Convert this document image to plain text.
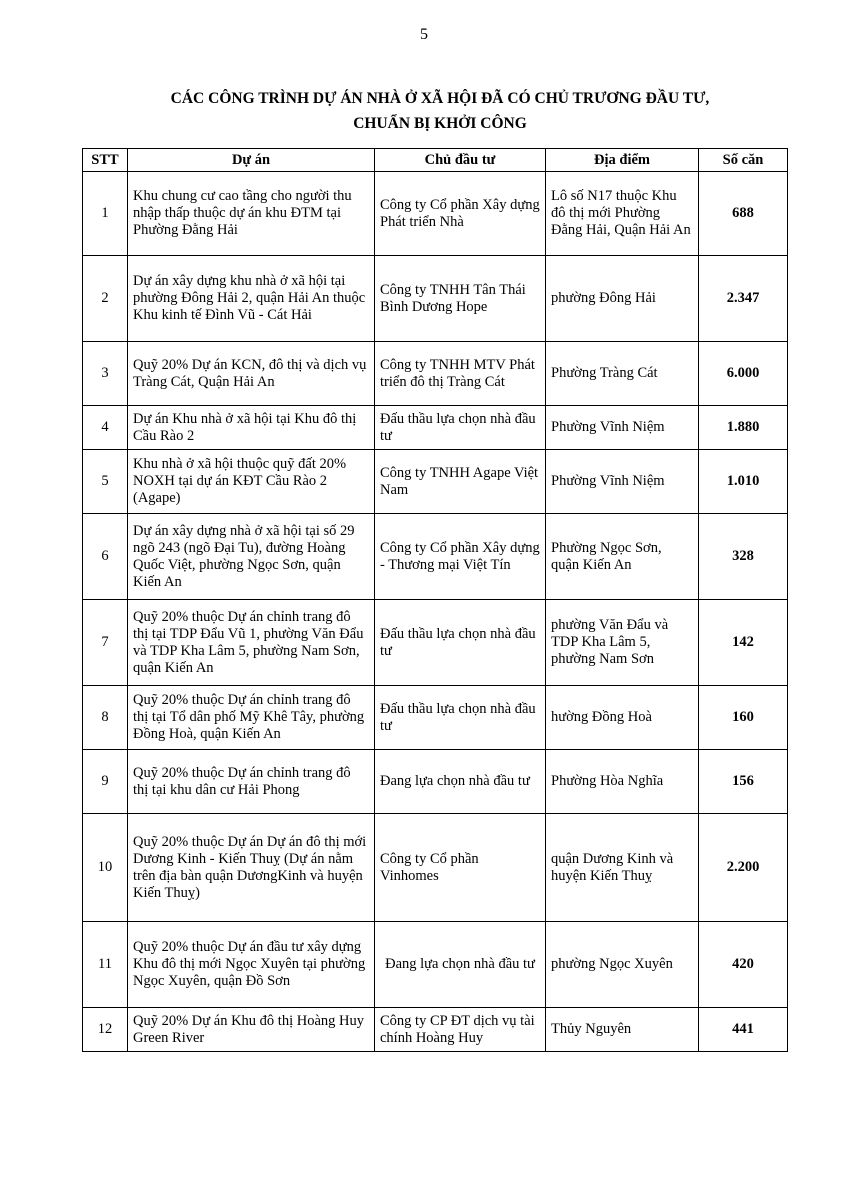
5
CÁC CÔNG TRÌNH DỰ ÁN NHÀ Ở XÃ HỘI ĐÃ CÓ CHỦ TRƯƠNG ĐẦU TƯ,
CHUẨN BỊ KHỞI CÔNG
STT	Dự án	Chủ đầu tư	Địa điểm	Số căn
1	Khu chung cư cao tầng cho người thu nhập thấp thuộc dự án khu ĐTM tại Phường Đằng Hải	Công ty Cổ phần Xây dựng Phát triển Nhà	Lô số N17 thuộc Khu đô thị mới Phường Đằng Hải, Quận Hải An	688
2	Dự án xây dựng khu nhà ở xã hội tại phường Đông Hải 2, quận Hải An thuộc Khu kinh tế Đình Vũ - Cát Hải	Công ty TNHH Tân Thái Bình Dương Hope	phường Đông Hải	2.347
3	Quỹ 20% Dự án KCN, đô thị và dịch vụ Tràng Cát, Quận Hải An	Công ty TNHH MTV Phát triển đô thị Tràng Cát	Phường Tràng Cát	6.000
4	Dự án Khu nhà ở xã hội tại Khu đô thị Cầu Rào 2	Đấu thầu lựa chọn nhà đầu tư	Phường Vĩnh Niệm	1.880
5	Khu nhà ở xã hội thuộc quỹ đất 20% NOXH tại dự án KĐT Cầu Rào 2 (Agape)	Công ty TNHH Agape Việt Nam	Phường Vĩnh Niệm	1.010
6	Dự án xây dựng nhà ở xã hội tại số 29 ngõ 243 (ngõ Đại Tu), đường Hoàng Quốc Việt, phường Ngọc Sơn, quận Kiến An	Công ty Cổ phần Xây dựng - Thương mại Việt Tín	Phường Ngọc Sơn, quận Kiến An	328
7	Quỹ 20% thuộc Dự án chỉnh trang đô thị tại TDP Đẩu Vũ 1, phường Văn Đẩu và TDP Kha Lâm 5, phường Nam Sơn, quận Kiến An	Đấu thầu lựa chọn nhà đầu tư	phường Văn Đẩu và TDP Kha Lâm 5, phường Nam Sơn	142
8	Quỹ 20% thuộc Dự án chỉnh trang đô thị tại Tổ dân phố Mỹ Khê Tây, phường Đồng Hoà, quận Kiến An	Đấu thầu lựa chọn nhà đầu tư	hường Đồng Hoà	160
9	Quỹ 20% thuộc Dự án chỉnh trang đô thị tại khu dân cư Hải Phong	Đang lựa chọn nhà đầu tư	Phường Hòa Nghĩa	156
10	Quỹ 20% thuộc Dự án Dự án đô thị mới Dương Kinh - Kiến Thuỵ (Dự án nằm trên địa bàn quận DươngKinh và huyện Kiến Thuỵ)	Công ty Cổ phần Vinhomes	quận Dương Kinh và huyện Kiến Thuỵ	2.200
11	Quỹ 20% thuộc Dự án đầu tư xây dựng Khu đô thị mới Ngọc Xuyên tại phường Ngọc Xuyên, quận Đồ Sơn	Đang lựa chọn nhà đầu tư	phường Ngọc Xuyên	420
12	Quỹ 20% Dự án Khu đô thị Hoàng Huy Green River	Công ty CP ĐT dịch vụ tài chính Hoàng Huy	Thủy Nguyên	441
